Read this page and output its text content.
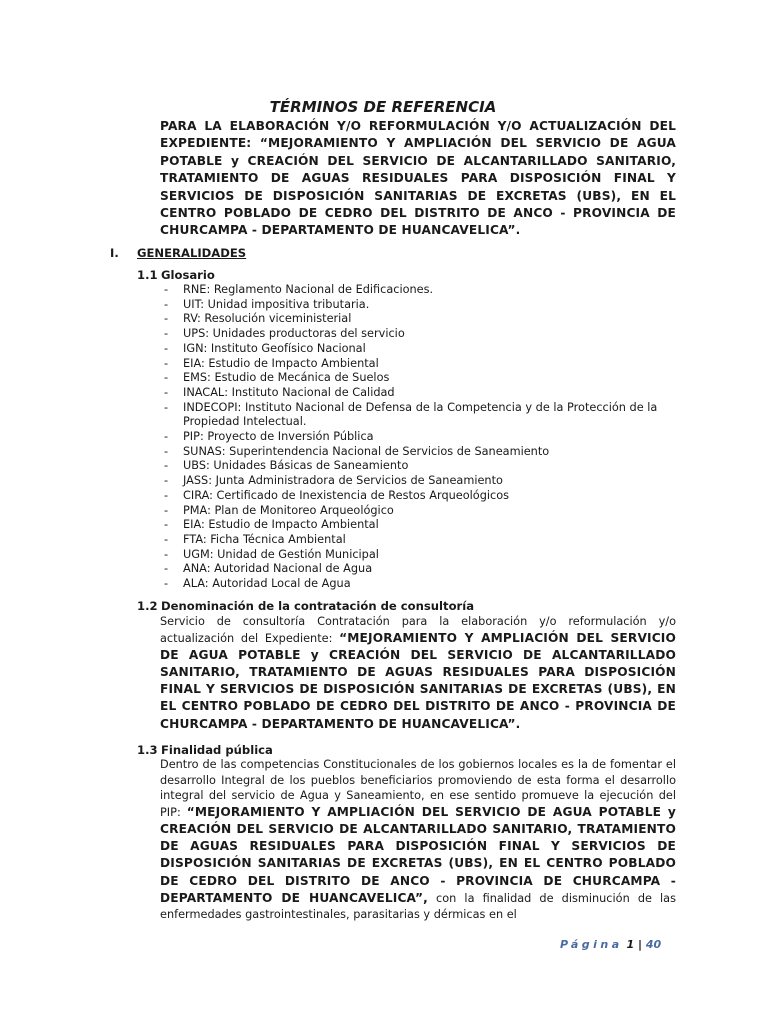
TÉRMINOS DE REFERENCIA
PARA LA ELABORACIÓN Y/O REFORMULACIÓN Y/O ACTUALIZACIÓN DEL EXPEDIENTE: “MEJORAMIENTO Y AMPLIACIÓN DEL SERVICIO DE AGUA POTABLE y CREACIÓN DEL SERVICIO DE ALCANTARILLADO SANITARIO, TRATAMIENTO DE AGUAS RESIDUALES PARA DISPOSICIÓN FINAL Y SERVICIOS DE DISPOSICIÓN SANITARIAS DE EXCRETAS (UBS), EN EL CENTRO POBLADO DE CEDRO DEL DISTRITO DE ANCO - PROVINCIA DE CHURCAMPA - DEPARTAMENTO DE HUANCAVELICA”.
I. GENERALIDADES
1.1 Glosario
- RNE: Reglamento Nacional de Edificaciones.
- UIT: Unidad impositiva tributaria.
- RV: Resolución viceministerial
- UPS: Unidades productoras del servicio
- IGN: Instituto Geofísico Nacional
- EIA: Estudio de Impacto Ambiental
- EMS: Estudio de Mecánica de Suelos
- INACAL: Instituto Nacional de Calidad
- INDECOPI: Instituto Nacional de Defensa de la Competencia y de la Protección de la Propiedad Intelectual.
- PIP: Proyecto de Inversión Pública
- SUNAS: Superintendencia Nacional de Servicios de Saneamiento
- UBS: Unidades Básicas de Saneamiento
- JASS: Junta Administradora de Servicios de Saneamiento
- CIRA: Certificado de Inexistencia de Restos Arqueológicos
- PMA: Plan de Monitoreo Arqueológico
- EIA: Estudio de Impacto Ambiental
- FTA: Ficha Técnica Ambiental
- UGM: Unidad de Gestión Municipal
- ANA: Autoridad Nacional de Agua
- ALA: Autoridad Local de Agua
1.2 Denominación de la contratación de consultoría
Servicio de consultoría Contratación para la elaboración y/o reformulación y/o actualización del Expediente: “MEJORAMIENTO Y AMPLIACIÓN DEL SERVICIO DE AGUA POTABLE y CREACIÓN DEL SERVICIO DE ALCANTARILLADO SANITARIO, TRATAMIENTO DE AGUAS RESIDUALES PARA DISPOSICIÓN FINAL Y SERVICIOS DE DISPOSICIÓN SANITARIAS DE EXCRETAS (UBS), EN EL CENTRO POBLADO DE CEDRO DEL DISTRITO DE ANCO - PROVINCIA DE CHURCAMPA - DEPARTAMENTO DE HUANCAVELICA”.
1.3 Finalidad pública
Dentro de las competencias Constitucionales de los gobiernos locales es la de fomentar el desarrollo Integral de los pueblos beneficiarios promoviendo de esta forma el desarrollo integral del servicio de Agua y Saneamiento, en ese sentido promueve la ejecución del PIP: “MEJORAMIENTO Y AMPLIACIÓN DEL SERVICIO DE AGUA POTABLE y CREACIÓN DEL SERVICIO DE ALCANTARILLADO SANITARIO, TRATAMIENTO DE AGUAS RESIDUALES PARA DISPOSICIÓN FINAL Y SERVICIOS DE DISPOSICIÓN SANITARIAS DE EXCRETAS (UBS), EN EL CENTRO POBLADO DE CEDRO DEL DISTRITO DE ANCO - PROVINCIA DE CHURCAMPA - DEPARTAMENTO DE HUANCAVELICA”, con la finalidad de disminución de las enfermedades gastrointestinales, parasitarias y dérmicas en el
Página 1 | 40
